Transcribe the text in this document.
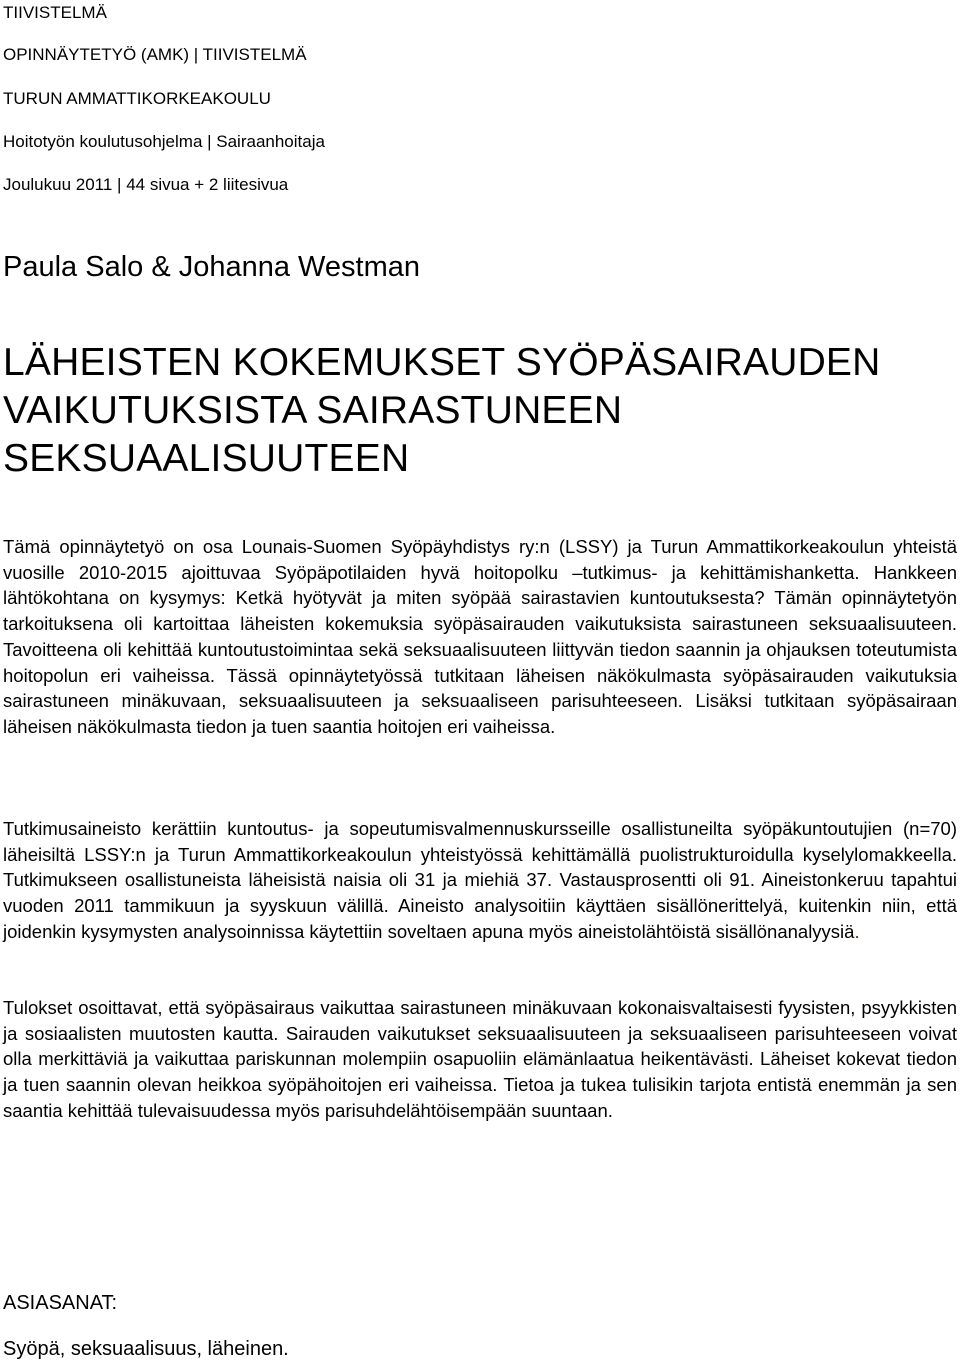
TIIVISTELMÄ
OPINNÄYTETYÖ (AMK) | TIIVISTELMÄ
TURUN AMMATTIKORKEAKOULU
Hoitotyön koulutusohjelma | Sairaanhoitaja
Joulukuu 2011 | 44 sivua + 2 liitesivua
Paula Salo & Johanna Westman
LÄHEISTEN KOKEMUKSET SYÖPÄSAIRAUDEN
VAIKUTUKSISTA SAIRASTUNEEN
SEKSUAALISUUTEEN

Tämä opinnäytetyö on osa Lounais-Suomen Syöpäyhdistys ry:n (LSSY) ja Turun Ammattikorkeakoulun yhteistä vuosille 2010-2015 ajoittuvaa Syöpäpotilaiden hyvä hoitopolku –tutkimus- ja kehittämishanketta. Hankkeen lähtökohtana on kysymys: Ketkä hyötyvät ja miten syöpää sairastavien kuntoutuksesta? Tämän opinnäytetyön tarkoituksena oli kartoittaa läheisten kokemuksia syöpäsairauden vaikutuksista sairastuneen seksuaalisuuteen. Tavoitteena oli kehittää kuntoutustoimintaa sekä seksuaalisuuteen liittyvän tiedon saannin ja ohjauksen toteutumista hoitopolun eri vaiheissa. Tässä opinnäytetyössä tutkitaan läheisen näkökulmasta syöpäsairauden vaikutuksia sairastuneen minäkuvaan, seksuaalisuuteen ja seksuaaliseen parisuhteeseen. Lisäksi tutkitaan syöpäsairaan läheisen näkökulmasta tiedon ja tuen saantia hoitojen eri vaiheissa.

Tutkimusaineisto kerättiin kuntoutus- ja sopeutumisvalmennuskursseille osallistuneilta syöpäkuntoutujien (n=70) läheisiltä LSSY:n ja Turun Ammattikorkeakoulun yhteistyössä kehittämällä puolistrukturoidulla kyselylomakkeella. Tutkimukseen osallistuneista läheisistä naisia oli 31 ja miehiä 37. Vastausprosentti oli 91. Aineistonkeruu tapahtui vuoden 2011 tammikuun ja syyskuun välillä. Aineisto analysoitiin käyttäen sisällönerittelyä, kuitenkin niin, että joidenkin kysymysten analysoinnissa käytettiin soveltaen apuna myös aineistolähtöistä sisällönanalyysiä.

Tulokset osoittavat, että syöpäsairaus vaikuttaa sairastuneen minäkuvaan kokonaisvaltaisesti fyysisten, psyykkisten ja sosiaalisten muutosten kautta. Sairauden vaikutukset seksuaalisuuteen ja seksuaaliseen parisuhteeseen voivat olla merkittäviä ja vaikuttaa pariskunnan molempiin osapuoliin elämänlaatua heikentävästi. Läheiset kokevat tiedon ja tuen saannin olevan heikkoa syöpähoitojen eri vaiheissa. Tietoa ja tukea tulisikin tarjota entistä enemmän ja sen saantia kehittää tulevaisuudessa myös parisuhdelähtöisempään suuntaan.

ASIASANAT:
Syöpä, seksuaalisuus, läheinen.
